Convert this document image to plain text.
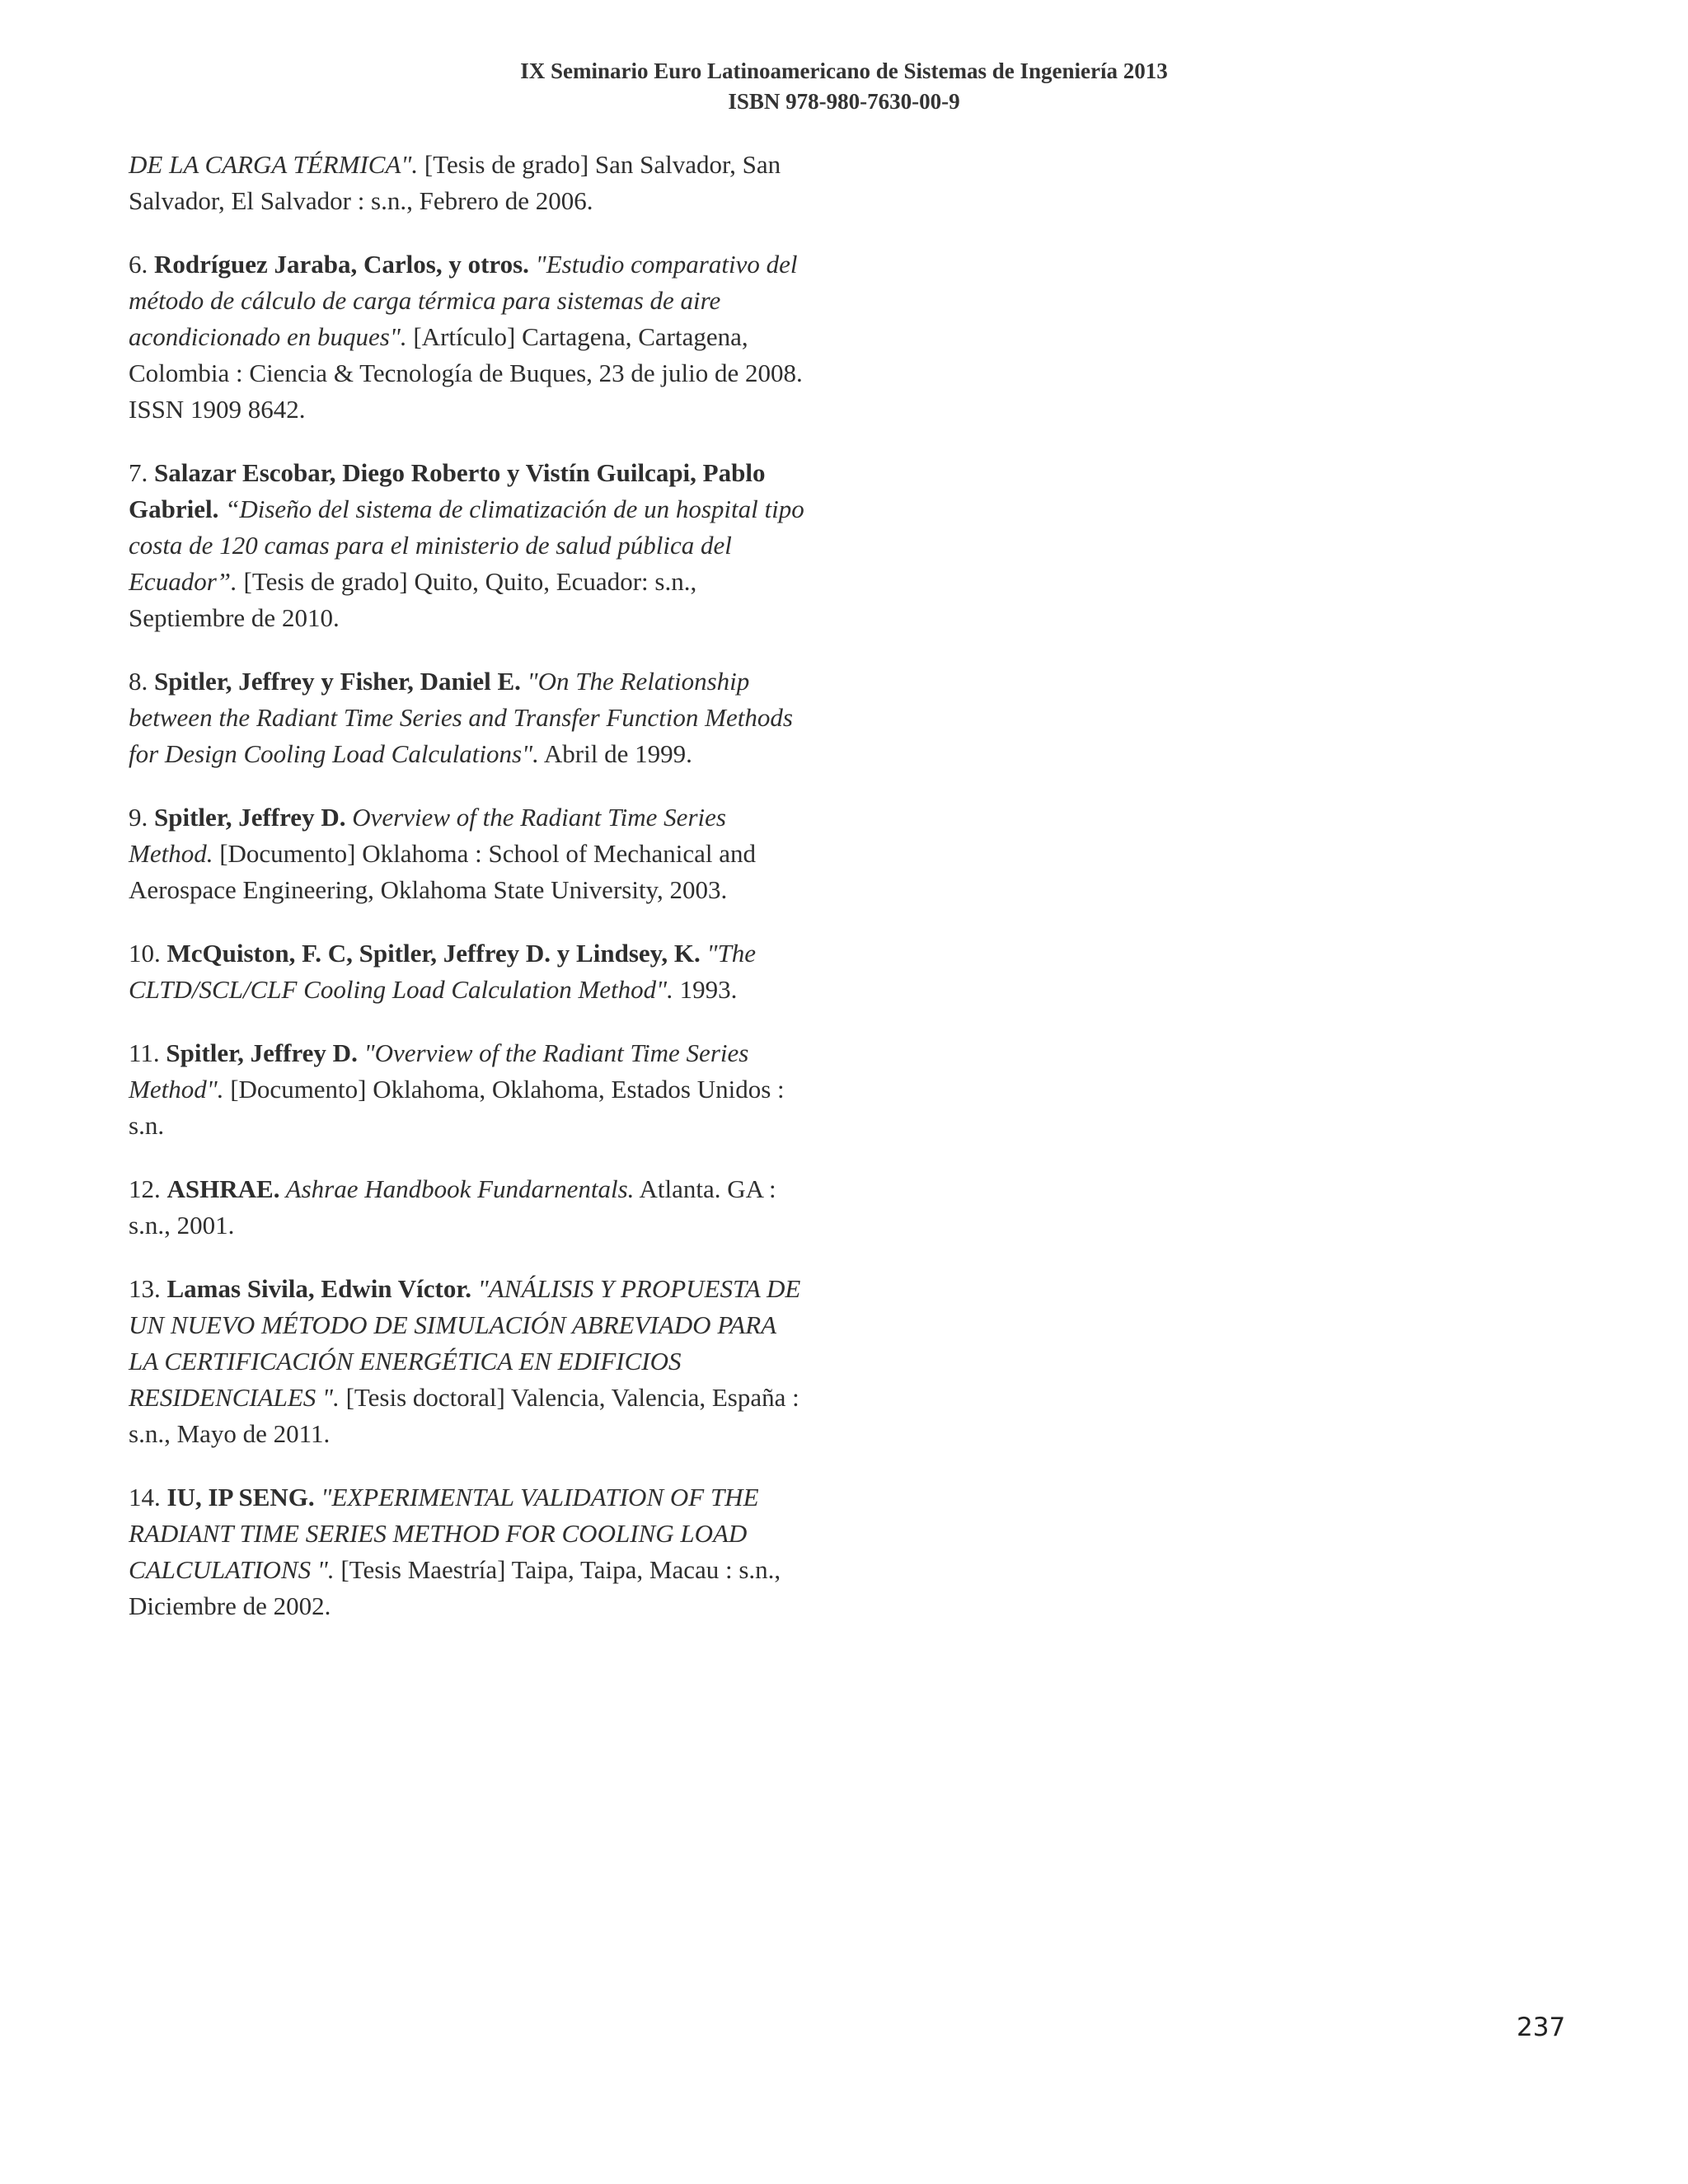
IX Seminario Euro Latinoamericano de Sistemas de Ingeniería 2013
ISBN 978-980-7630-00-9

DE LA CARGA TÉRMICA". [Tesis de grado] San Salvador, San Salvador, El Salvador : s.n., Febrero de 2006.

6. Rodríguez Jaraba, Carlos, y otros. "Estudio comparativo del método de cálculo de carga térmica para sistemas de aire acondicionado en buques". [Artículo] Cartagena, Cartagena, Colombia : Ciencia & Tecnología de Buques, 23 de julio de 2008. ISSN 1909 8642.

7. Salazar Escobar, Diego Roberto y Vistín Guilcapi, Pablo Gabriel. “Diseño del sistema de climatización de un hospital tipo costa de 120 camas para el ministerio de salud pública del Ecuador”. [Tesis de grado] Quito, Quito, Ecuador: s.n., Septiembre de 2010.

8. Spitler, Jeffrey y Fisher, Daniel E. "On The Relationship between the Radiant Time Series and Transfer Function Methods for Design Cooling Load Calculations". Abril de 1999.

9. Spitler, Jeffrey D. Overview of the Radiant Time Series Method. [Documento] Oklahoma : School of Mechanical and Aerospace Engineering, Oklahoma State University, 2003.

10. McQuiston, F. C, Spitler, Jeffrey D. y Lindsey, K. "The CLTD/SCL/CLF Cooling Load Calculation Method". 1993.

11. Spitler, Jeffrey D. "Overview of the Radiant Time Series Method". [Documento] Oklahoma, Oklahoma, Estados Unidos : s.n.

12. ASHRAE. Ashrae Handbook Fundarnentals. Atlanta. GA : s.n., 2001.

13. Lamas Sivila, Edwin Víctor. "ANÁLISIS Y PROPUESTA DE UN NUEVO MÉTODO DE SIMULACIÓN ABREVIADO PARA LA CERTIFICACIÓN ENERGÉTICA EN EDIFICIOS RESIDENCIALES ". [Tesis doctoral] Valencia, Valencia, España : s.n., Mayo de 2011.

14. IU, IP SENG. "EXPERIMENTAL VALIDATION OF THE RADIANT TIME SERIES METHOD FOR COOLING LOAD CALCULATIONS ". [Tesis Maestría] Taipa, Taipa, Macau : s.n., Diciembre de 2002.

237
